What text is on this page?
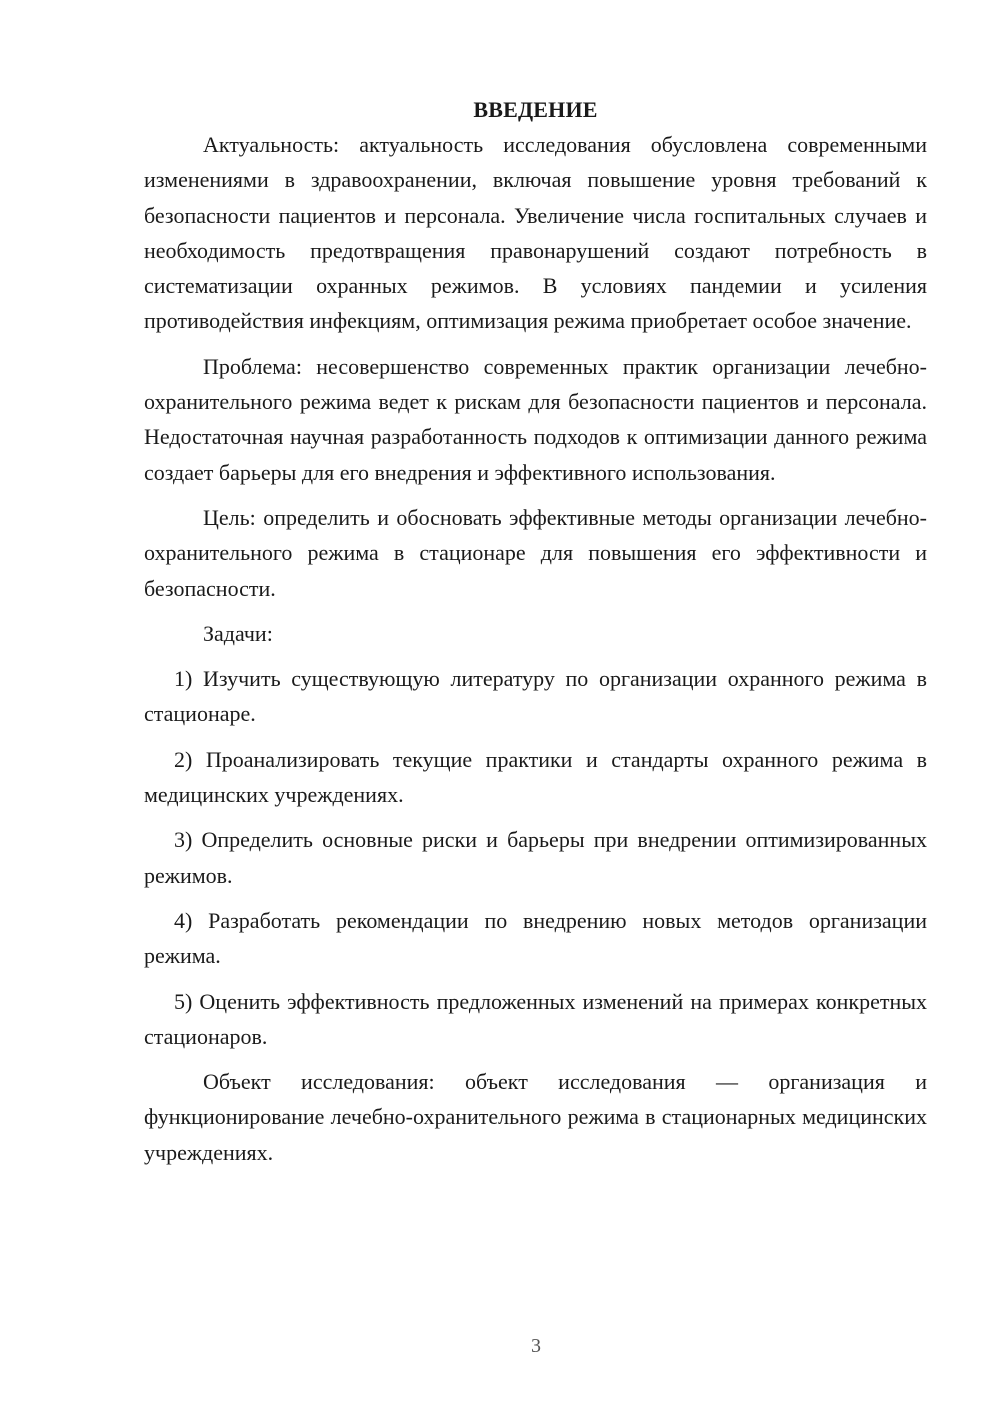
ВВЕДЕНИЕ

Актуальность: актуальность исследования обусловлена современными изменениями в здравоохранении, включая повышение уровня требований к безопасности пациентов и персонала. Увеличение числа госпитальных случаев и необходимость предотвращения правонарушений создают потребность в систематизации охранных режимов. В условиях пандемии и усиления противодействия инфекциям, оптимизация режима приобретает особое значение.

Проблема: несовершенство современных практик организации лечебно-охранительного режима ведет к рискам для безопасности пациентов и персонала. Недостаточная научная разработанность подходов к оптимизации данного режима создает барьеры для его внедрения и эффективного использования.

Цель: определить и обосновать эффективные методы организации лечебно-охранительного режима в стационаре для повышения его эффективности и безопасности.

Задачи:

1) Изучить существующую литературу по организации охранного режима в стационаре.

2) Проанализировать текущие практики и стандарты охранного режима в медицинских учреждениях.

3) Определить основные риски и барьеры при внедрении оптимизированных режимов.

4) Разработать рекомендации по внедрению новых методов организации режима.

5) Оценить эффективность предложенных изменений на примерах конкретных стационаров.

Объект исследования: объект исследования — организация и функционирование лечебно-охранительного режима в стационарных медицинских учреждениях.

3
